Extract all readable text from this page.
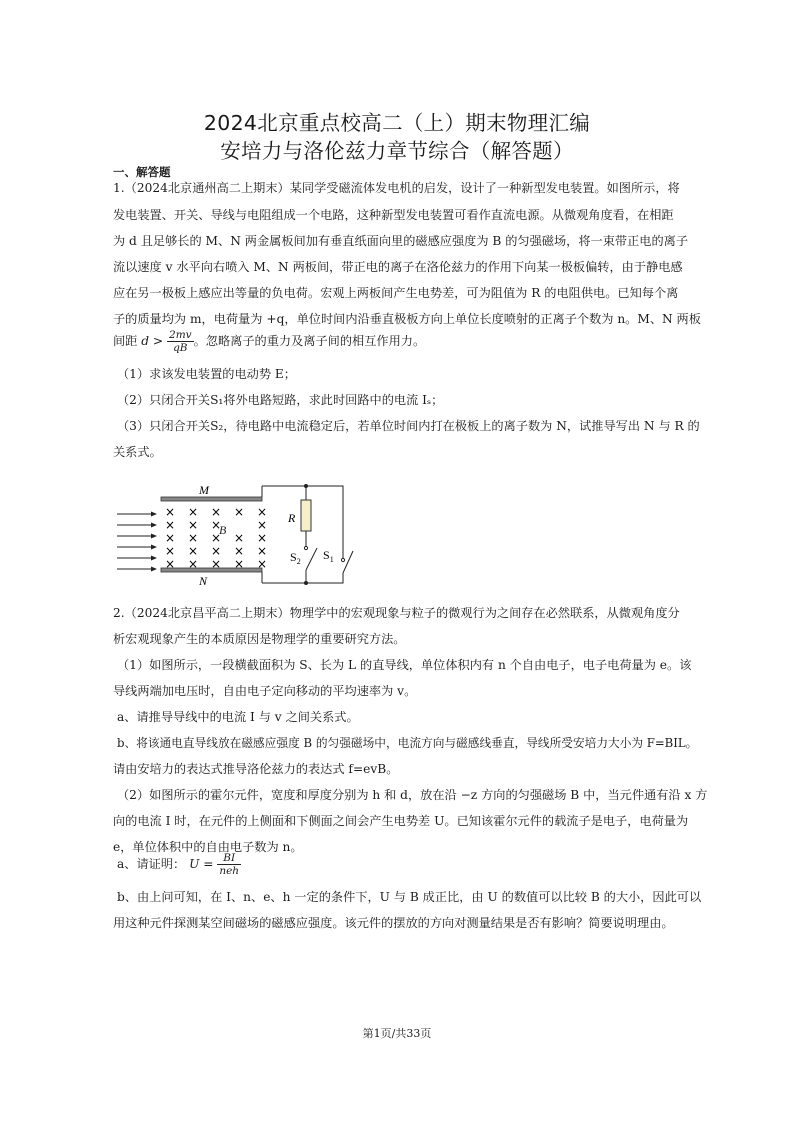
2024北京重点校高二（上）期末物理汇编
安培力与洛伦兹力章节综合（解答题）
一、解答题
1.（2024北京通州高二上期末）某同学受磁流体发电机的启发，设计了一种新型发电装置。如图所示，将
发电装置、开关、导线与电阻组成一个电路，这种新型发电装置可看作直流电源。从微观角度看，在相距
为 d 且足够长的 M、N 两金属板间加有垂直纸面向里的磁感应强度为 B 的匀强磁场，将一束带正电的离子
流以速度 v 水平向右喷入 M、N 两板间，带正电的离子在洛伦兹力的作用下向某一极板偏转，由于静电感
应在另一极板上感应出等量的负电荷。宏观上两板间产生电势差，可为阻值为 R 的电阻供电。已知每个离
子的质量均为 m，电荷量为 +q，单位时间内沿垂直极板方向上单位长度喷射的正离子个数为 n。M、N 两板
间距 $d > \frac{2mv}{qB}$ 。忽略离子的重力及离子间的相互作用力。
（1）求该发电装置的电动势 E；
（2）只闭合开关S₁将外电路短路，求此时回路中的电流 Iₛ；
（3）只闭合开关S₂，待电路中电流稳定后，若单位时间内打在极板上的离子数为 N，试推导写出 N 与 R 的
关系式。
M
N
× × × × ×
× × ×	×
× × × × ×
× × × × ×
× × × × ×
B
R
$S_2$ $S_1$
2.（2024北京昌平高二上期末）物理学中的宏观现象与粒子的微观行为之间存在必然联系，从微观角度分
析宏观现象产生的本质原因是物理学的重要研究方法。
（1）如图所示，一段横截面积为 S、长为 L 的直导线，单位体积内有 n 个自由电子，电子电荷量为 e。该
导线两端加电压时，自由电子定向移动的平均速率为 v。
a、请推导导线中的电流 I 与 v 之间关系式。
b、将该通电直导线放在磁感应强度 B 的匀强磁场中，电流方向与磁感线垂直，导线所受安培力大小为 F=BIL。
请由安培力的表达式推导洛伦兹力的表达式 f=evB。
（2）如图所示的霍尔元件，宽度和厚度分别为 h 和 d，放在沿 −z 方向的匀强磁场 B 中，当元件通有沿 x 方
向的电流 I 时，在元件的上侧面和下侧面之间会产生电势差 U。已知该霍尔元件的载流子是电子，电荷量为
e，单位体积中的自由电子数为 n。
a、请证明： $U = \frac{BI}{\text{neh}}$
b、由上问可知，在 I、n、e、h 一定的条件下，U 与 B 成正比，由 U 的数值可以比较 B 的大小，因此可以
用这种元件探测某空间磁场的磁感应强度。该元件的摆放的方向对测量结果是否有影响？简要说明理由。
第1页/共33页
